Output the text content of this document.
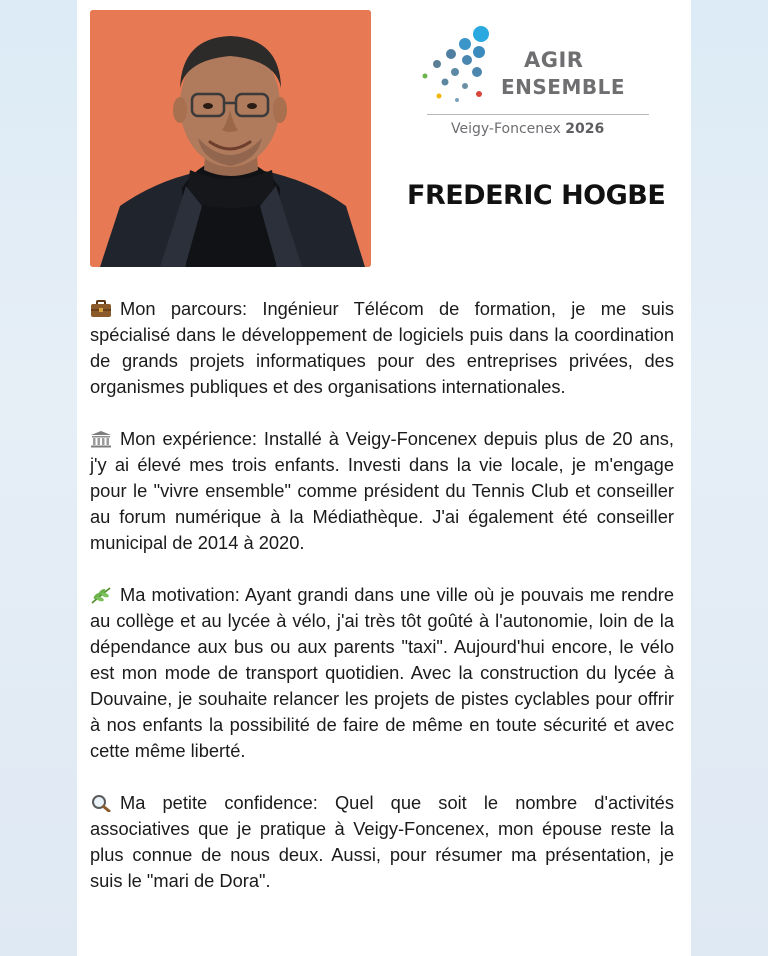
AGIR
ENSEMBLE
Veigy-Foncenex 2026
FREDERIC HOGBE

Mon parcours: Ingénieur Télécom de formation, je me suis spécialisé dans le développement de logiciels puis dans la coordination de grands projets informatiques pour des entreprises privées, des organismes publiques et des organisations internationales.

Mon expérience: Installé à Veigy-Foncenex depuis plus de 20 ans, j'y ai élevé mes trois enfants. Investi dans la vie locale, je m'engage pour le "vivre ensemble" comme président du Tennis Club et conseiller au forum numérique à la Médiathèque. J'ai également été conseiller municipal de 2014 à 2020.

Ma motivation: Ayant grandi dans une ville où je pouvais me rendre au collège et au lycée à vélo, j'ai très tôt goûté à l'autonomie, loin de la dépendance aux bus ou aux parents "taxi". Aujourd'hui encore, le vélo est mon mode de transport quotidien. Avec la construction du lycée à Douvaine, je souhaite relancer les projets de pistes cyclables pour offrir à nos enfants la possibilité de faire de même en toute sécurité et avec cette même liberté.

Ma petite confidence: Quel que soit le nombre d'activités associatives que je pratique à Veigy-Foncenex, mon épouse reste la plus connue de nous deux. Aussi, pour résumer ma présentation, je suis le "mari de Dora".
